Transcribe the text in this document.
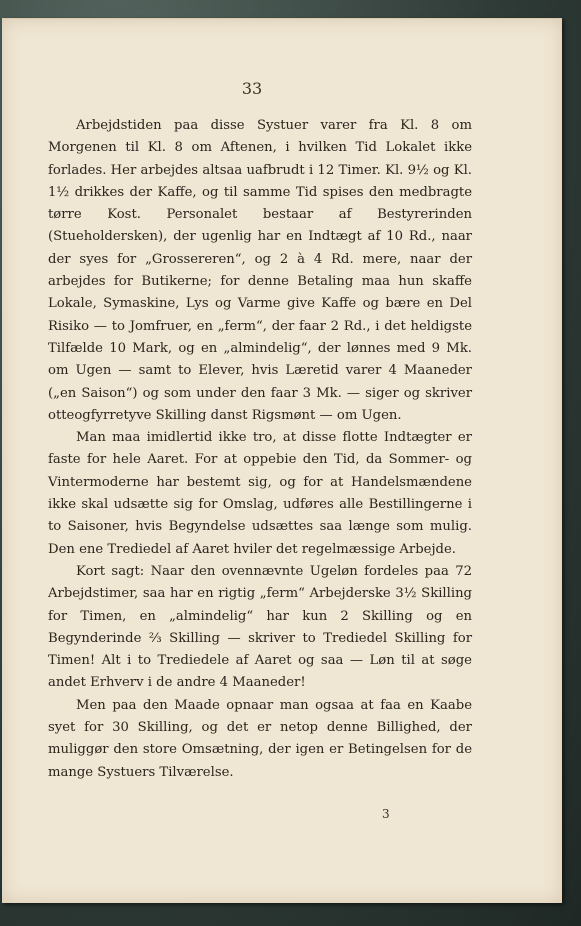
33

Arbejdstiden paa disse Systuer varer fra Kl. 8 om Morgenen til Kl. 8 om Aftenen, i hvilken Tid Lokalet ikke forlades. Her arbejdes altsaa uafbrudt i 12 Timer. Kl. 9½ og Kl. 1½ drikkes der Kaffe, og til samme Tid spises den medbragte tørre Kost. Personalet bestaar af Bestyrerinden (Stueholdersken), der ugenlig har en Indtægt af 10 Rd., naar der syes for „Grossereren“, og 2 à 4 Rd. mere, naar der arbejdes for Butikerne; for denne Betaling maa hun skaffe Lokale, Symaskine, Lys og Varme give Kaffe og bære en Del Risiko — to Jomfruer, en „ferm“, der faar 2 Rd., i det heldigste Tilfælde 10 Mark, og en „almindelig“, der lønnes med 9 Mk. om Ugen — samt to Elever, hvis Læretid varer 4 Maaneder („en Saison“) og som under den faar 3 Mk. — siger og skriver otteogfyrretyve Skilling danst Rigsmønt — om Ugen.

Man maa imidlertid ikke tro, at disse flotte Indtægter er faste for hele Aaret. For at oppebie den Tid, da Sommer- og Vintermoderne har bestemt sig, og for at Handelsmændene ikke skal udsætte sig for Omslag, udføres alle Bestillingerne i to Saisoner, hvis Begyndelse udsættes saa længe som mulig. Den ene Trediedel af Aaret hviler det regelmæssige Arbejde.

Kort sagt: Naar den ovennævnte Ugeløn fordeles paa 72 Arbejdstimer, saa har en rigtig „ferm“ Arbejderske 3½ Skilling for Timen, en „almindelig“ har kun 2 Skilling og en Begynderinde ⅔ Skilling — skriver to Trediedel Skilling for Timen! Alt i to Trediedele af Aaret og saa — Løn til at søge andet Erhverv i de andre 4 Maaneder!

Men paa den Maade opnaar man ogsaa at faa en Kaabe syet for 30 Skilling, og det er netop denne Billighed, der muliggør den store Omsætning, der igen er Betingelsen for de mange Systuers Tilværelse.

3
